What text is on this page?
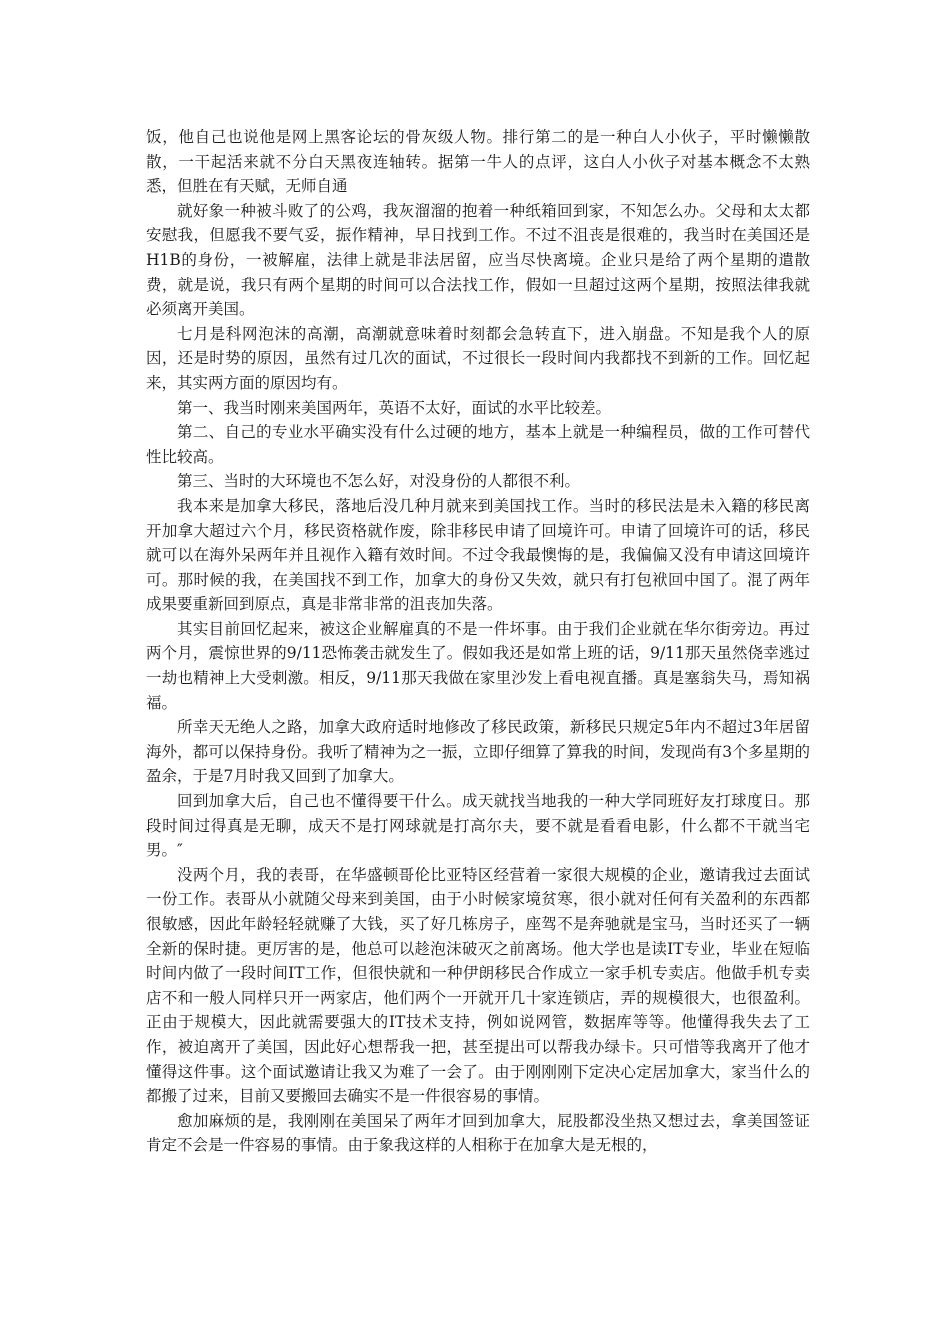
饭，他自己也说他是网上黑客论坛的骨灰级人物。排行第二的是一种白人小伙子，平时懒懒散散，一干起活来就不分白天黑夜连轴转。据第一牛人的点评，这白人小伙子对基本概念不太熟悉，但胜在有天赋，无师自通

就好象一种被斗败了的公鸡，我灰溜溜的抱着一种纸箱回到家，不知怎么办。父母和太太都安慰我，但愿我不要气妥，振作精神，早日找到工作。不过不沮丧是很难的，我当时在美国还是H1B的身份，一被解雇，法律上就是非法居留，应当尽快离境。企业只是给了两个星期的遣散费，就是说，我只有两个星期的时间可以合法找工作，假如一旦超过这两个星期，按照法律我就必须离开美国。

七月是科网泡沫的高潮，高潮就意味着时刻都会急转直下，进入崩盘。不知是我个人的原因，还是时势的原因，虽然有过几次的面试，不过很长一段时间内我都找不到新的工作。回忆起来，其实两方面的原因均有。

第一、我当时刚来美国两年，英语不太好，面试的水平比较差。

第二、自己的专业水平确实没有什么过硬的地方，基本上就是一种编程员，做的工作可替代性比较高。

第三、当时的大环境也不怎么好，对没身份的人都很不利。

我本来是加拿大移民，落地后没几种月就来到美国找工作。当时的移民法是未入籍的移民离开加拿大超过六个月，移民资格就作废，除非移民申请了回境许可。申请了回境许可的话，移民就可以在海外呆两年并且视作入籍有效时间。不过令我最懊悔的是，我偏偏又没有申请这回境许可。那时候的我，在美国找不到工作，加拿大的身份又失效，就只有打包袱回中国了。混了两年成果要重新回到原点，真是非常非常的沮丧加失落。

其实目前回忆起来，被这企业解雇真的不是一件坏事。由于我们企业就在华尔街旁边。再过两个月，震惊世界的9/11恐怖袭击就发生了。假如我还是如常上班的话，9/11那天虽然侥幸逃过一劫也精神上大受刺激。相反，9/11那天我做在家里沙发上看电视直播。真是塞翁失马，焉知祸福。

所幸天无绝人之路，加拿大政府适时地修改了移民政策，新移民只规定5年内不超过3年居留海外，都可以保持身份。我听了精神为之一振，立即仔细算了算我的时间，发现尚有3个多星期的盈余，于是7月时我又回到了加拿大。

回到加拿大后，自己也不懂得要干什么。成天就找当地我的一种大学同班好友打球度日。那段时间过得真是无聊，成天不是打网球就是打高尔夫，要不就是看看电影，什么都不干就当宅男。″

没两个月，我的表哥，在华盛顿哥伦比亚特区经营着一家很大规模的企业，邀请我过去面试一份工作。表哥从小就随父母来到美国，由于小时候家境贫寒，很小就对任何有关盈利的东西都很敏感，因此年龄轻轻就赚了大钱，买了好几栋房子，座驾不是奔驰就是宝马，当时还买了一辆全新的保时捷。更厉害的是，他总可以趁泡沫破灭之前离场。他大学也是读IT专业，毕业在短临时间内做了一段时间IT工作，但很快就和一种伊朗移民合作成立一家手机专卖店。他做手机专卖店不和一般人同样只开一两家店，他们两个一开就开几十家连锁店，弄的规模很大，也很盈利。正由于规模大，因此就需要强大的IT技术支持，例如说网管，数据库等等。他懂得我失去了工作，被迫离开了美国，因此好心想帮我一把，甚至提出可以帮我办绿卡。只可惜等我离开了他才懂得这件事。这个面试邀请让我又为难了一会了。由于刚刚刚下定决心定居加拿大，家当什么的都搬了过来，目前又要搬回去确实不是一件很容易的事情。

愈加麻烦的是，我刚刚在美国呆了两年才回到加拿大，屁股都没坐热又想过去，拿美国签证肯定不会是一件容易的事情。由于象我这样的人相称于在加拿大是无根的，
